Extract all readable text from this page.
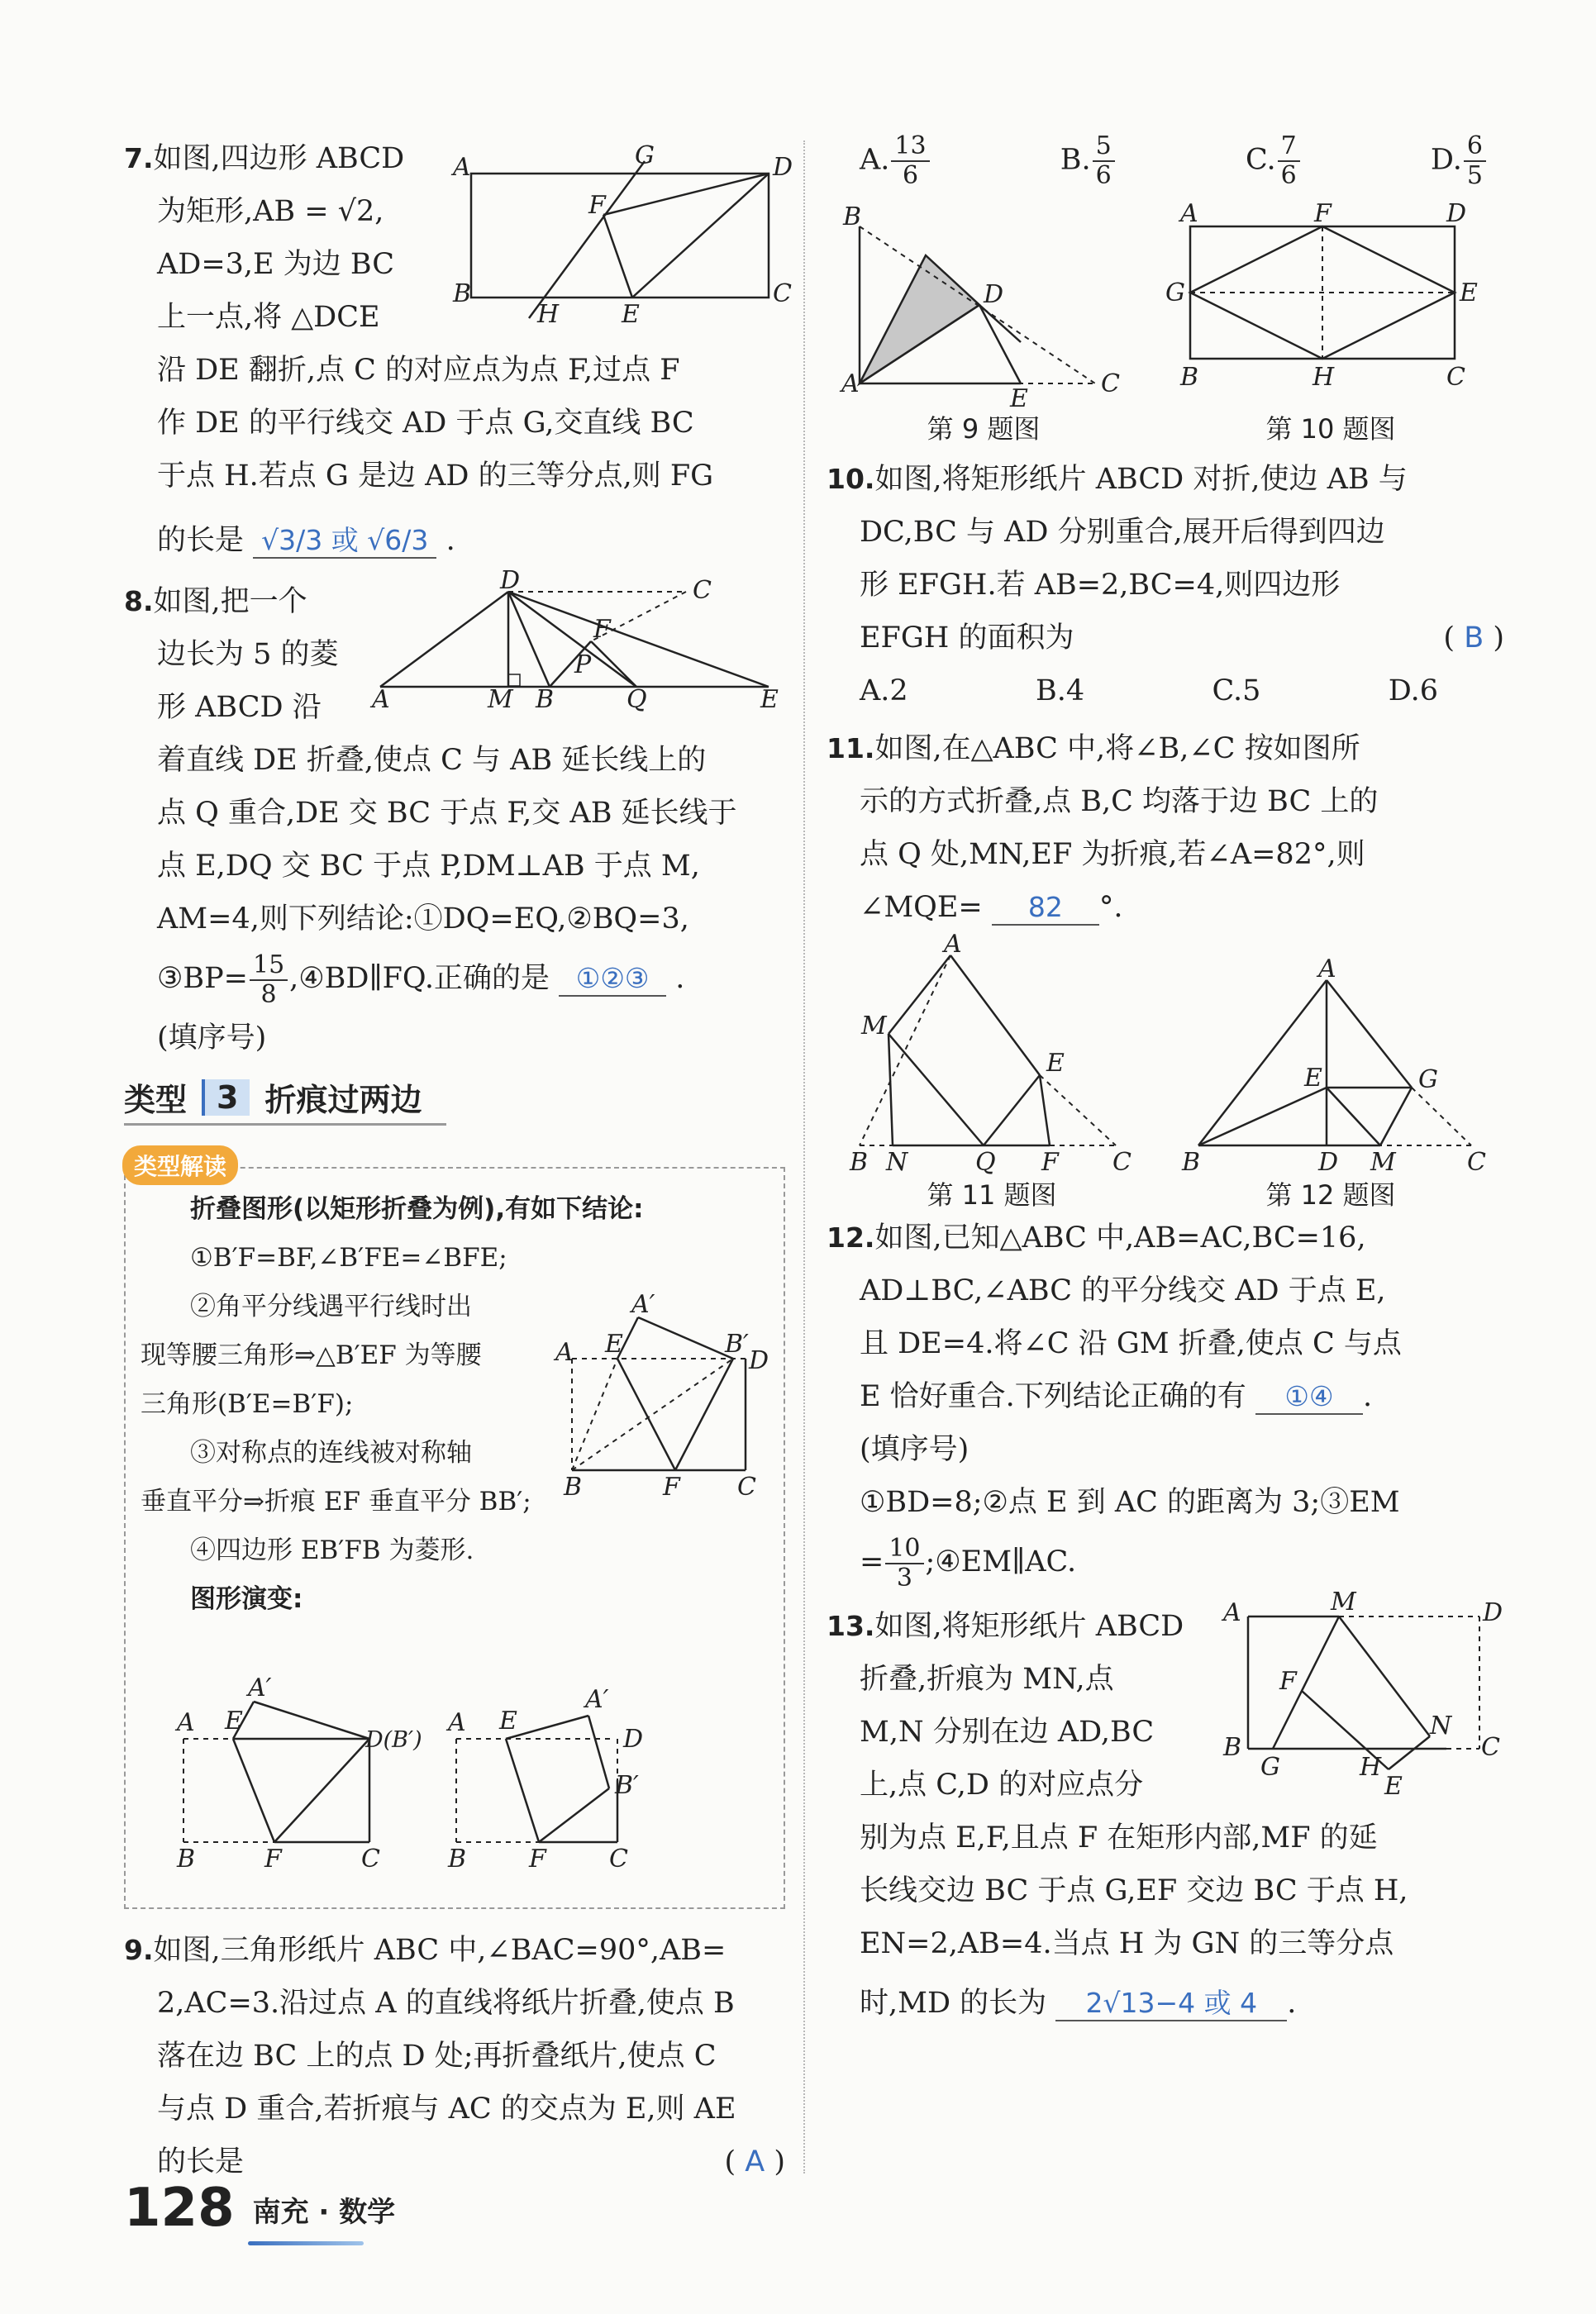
7.如图,四边形 ABCD

为矩形,AB = √2,

AD=3,E 为边 BC

上一点,将 △DCE

沿 DE 翻折,点 C 的对应点为点 F,过点 F

作 DE 的平行线交 AD 于点 G,交直线 BC

于点 H.若点 G 是边 AD 的三等分点,则 FG

的长是 √3/3 或 √6/3 .

A
B	C
D
G
F
H	E

8.如图,把一个

边长为 5 的菱

形 ABCD 沿

着直线 DE 折叠,使点 C 与 AB 延长线上的

点 Q 重合,DE 交 BC 于点 F,交 AB 延长线于

点 E,DQ 交 BC 于点 P,DM⊥AB 于点 M,

AM=4,则下列结论:①DQ=EQ,②BQ=3,

③BP= $\frac{15}{8}$ ,④BD∥FQ.正确的是 ①②③ .

(填序号)

A	M B	Q	E
D	C
F
P
类型 3 折痕过两边
类型解读

折叠图形(以矩形折叠为例),有如下结论:

①B′F=BF,∠B′FE=∠BFE;

②角平分线遇平行线时出

现等腰三角形⇒△B′EF 为等腰

三角形(B′E=B′F);

③对称点的连线被对称轴

垂直平分⇒折痕 EF 垂直平分 BB′;

④四边形 EB′FB 为菱形.

图形演变:

A E
A′
B′
D
B	F C
A E
A′
D(B′)
B	F	C
A E
A′
D
B′
B	F	C

9.如图,三角形纸片 ABC 中,∠BAC=90°,AB=

2,AC=3.沿过点 A 的直线将纸片折叠,使点 B

落在边 BC 上的点 D 处;再折叠纸片,使点 C

与点 D 重合,若折痕与 AC 的交点为 E,则 AE

的长是	( A )

A. $\frac{13}{6}$	B. $\frac{5}{6}$	C. $\frac{7}{6}$	D. $\frac{6}{5}$
B
A
D
E
C
A	F	D
G	E
B	H	C
第 9 题图	第 10 题图

10.如图,将矩形纸片 ABCD 对折,使边 AB 与

DC,BC 与 AD 分别重合,展开后得到四边

形 EFGH.若 AB=2,BC=4,则四边形

EFGH 的面积为	( B )

A.2	B.4	C.5	D.6

11.如图,在△ABC 中,将∠B,∠C 按如图所

示的方式折叠,点 B,C 均落于边 BC 上的

点 Q 处,MN,EF 为折痕,若∠A=82°,则

∠MQE= 82 °.

A
M
E
B N	Q F C
A
E	G
B	D M	C
第 11 题图	第 12 题图

12.如图,已知△ABC 中,AB=AC,BC=16,

AD⊥BC,∠ABC 的平分线交 AD 于点 E,

且 DE=4.将∠C 沿 GM 折叠,使点 C 与点

E 恰好重合.下列结论正确的有 ①④ .

(填序号)

①BD=8;②点 E 到 AC 的距离为 3;③EM

= $\frac{10}{3}$ ;④EM∥AC.

13.如图,将矩形纸片 ABCD

折叠,折痕为 MN,点

M,N 分别在边 AD,BC

上,点 C,D 的对应点分

别为点 E,F,且点 F 在矩形内部,MF 的延

长线交边 BC 于点 G,EF 交边 BC 于点 H,

EN=2,AB=4.当点 H 为 GN 的三等分点

时,MD 的长为 2√13−4 或 4 .

A	M	D
F
N
B
G	H
E
C
128 南充 · 数学
